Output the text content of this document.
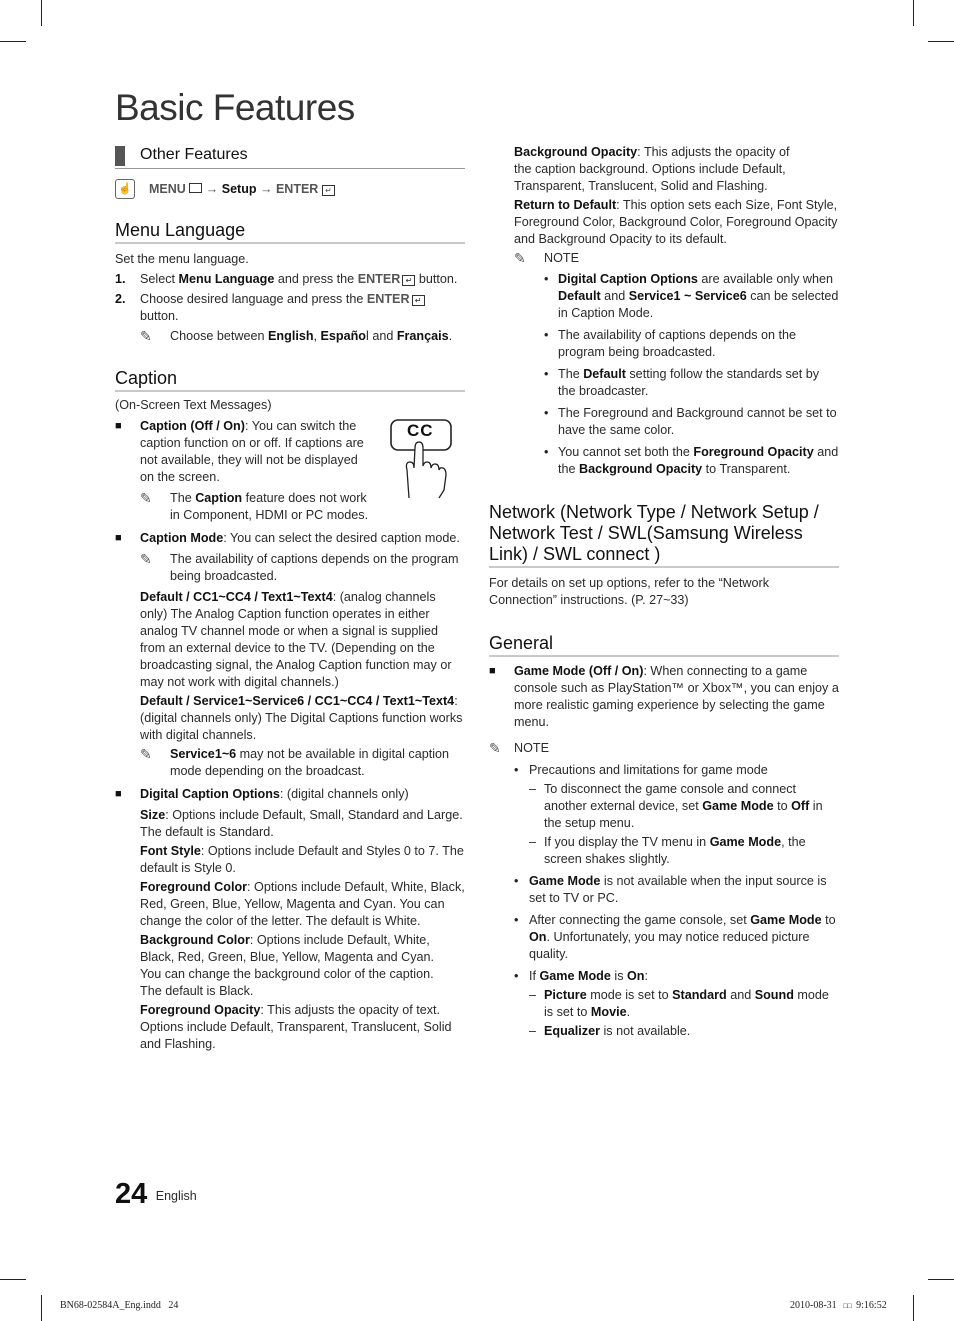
Basic Features
Other Features
☝ MENU → Setup → ENTER ↵
Menu Language

Set the menu language.

1. Select Menu Language and press the ENTER ↵ button.
2. Choose desired language and press the ENTER ↵
button.
✎ Choose between English, Español and Français.
Caption

(On-Screen Text Messages)

CC
■ Caption (Off / On): You can switch the caption function on or off. If captions are not available, they will not be displayed on the screen.
✎ The Caption feature does not work in Component, HDMI or PC modes.
■ Caption Mode: You can select the desired caption mode.
✎ The availability of captions depends on the program being broadcasted.

Default / CC1~CC4 / Text1~Text4: (analog channels only) The Analog Caption function operates in either analog TV channel mode or when a signal is supplied from an external device to the TV. (Depending on the broadcasting signal, the Analog Caption function may or may not work with digital channels.)

Default / Service1~Service6 / CC1~CC4 / Text1~Text4: (digital channels only) The Digital Captions function works with digital channels.

✎ Service1~6 may not be available in digital caption mode depending on the broadcast.
■ Digital Caption Options: (digital channels only)

Size: Options include Default, Small, Standard and Large. The default is Standard.

Font Style: Options include Default and Styles 0 to 7. The default is Style 0.

Foreground Color: Options include Default, White, Black, Red, Green, Blue, Yellow, Magenta and Cyan. You can change the color of the letter. The default is White.

Background Color: Options include Default, White, Black, Red, Green, Blue, Yellow, Magenta and Cyan. You can change the background color of the caption. The default is Black.

Foreground Opacity: This adjusts the opacity of text. Options include Default, Transparent, Translucent, Solid and Flashing.

Background Opacity: This adjusts the opacity of the caption background. Options include Default, Transparent, Translucent, Solid and Flashing.

Return to Default: This option sets each Size, Font Style, Foreground Color, Background Color, Foreground Opacity and Background Opacity to its default.

✎ NOTE
• Digital Caption Options are available only when Default and Service1 ~ Service6 can be selected in Caption Mode.
• The availability of captions depends on the program being broadcasted.
• The Default setting follow the standards set by the broadcaster.
• The Foreground and Background cannot be set to have the same color.
• You cannot set both the Foreground Opacity and the Background Opacity to Transparent.
Network (Network Type / Network Setup / Network Test / SWL(Samsung Wireless Link) / SWL connect )

For details on set up options, refer to the “Network Connection” instructions. (P. 27~33)

General
■ Game Mode (Off / On): When connecting to a game console such as PlayStation™ or Xbox™, you can enjoy a more realistic gaming experience by selecting the game menu.
✎ NOTE
• Precautions and limitations for game mode
– To disconnect the game console and connect another external device, set Game Mode to Off in the setup menu.
– If you display the TV menu in Game Mode, the screen shakes slightly.
• Game Mode is not available when the input source is set to TV or PC.
• After connecting the game console, set Game Mode to On. Unfortunately, you may notice reduced picture quality.
• If Game Mode is On:
– Picture mode is set to Standard and Sound mode is set to Movie.
– Equalizer is not available.
24 English
BN68-02584A_Eng.indd   24	2010-08-31 □□ 9:16:52
